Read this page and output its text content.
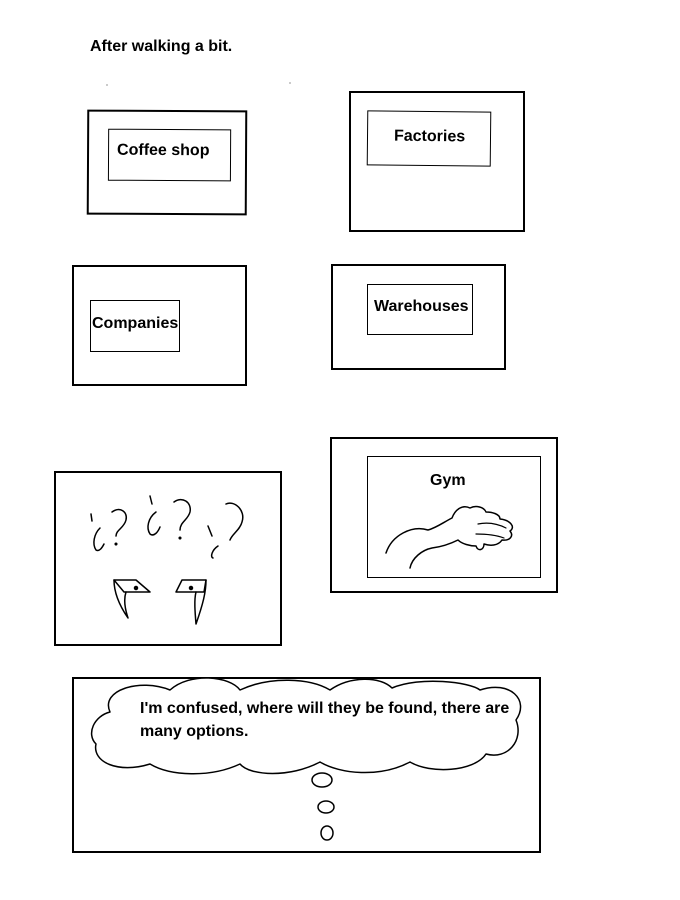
After walking a bit.
Coffee shop
Factories
Companies
Warehouses
Gym
I'm confused, where will they be found, there are many options.
